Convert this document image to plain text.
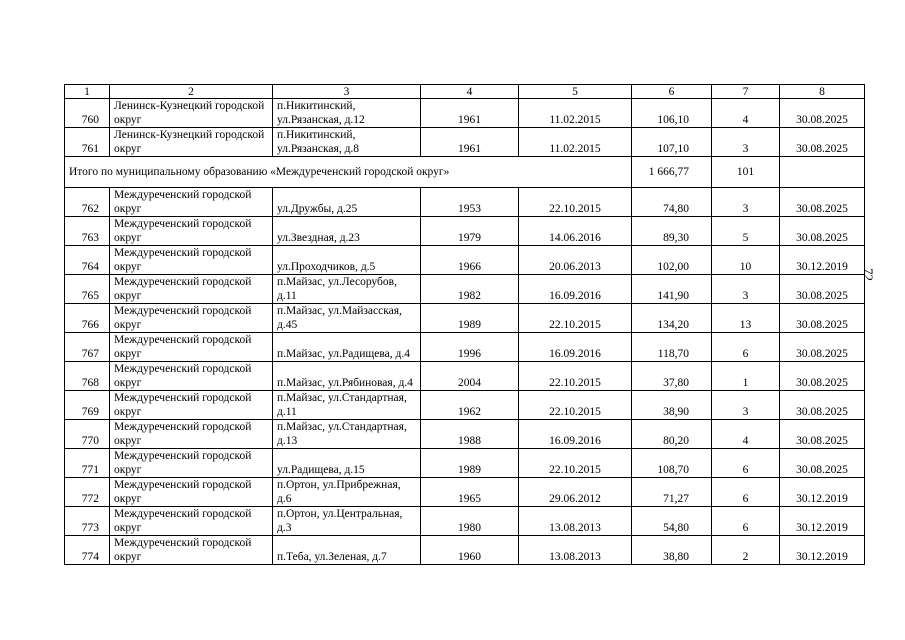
1	2	3	4	5	6	7	8
760	Ленинск-Кузнецкий городской округ	п.Никитинский, ул.Рязанская, д.12	1961	11.02.2015	106,10	4	30.08.2025
761	Ленинск-Кузнецкий городской округ	п.Никитинский, ул.Рязанская, д.8	1961	11.02.2015	107,10	3	30.08.2025
Итого по муниципальному образованию «Междуреченский городской округ»					1 666,77	101	
762	Междуреченский городской округ	ул.Дружбы, д.25	1953	22.10.2015	74,80	3	30.08.2025
763	Междуреченский городской округ	ул.Звездная, д.23	1979	14.06.2016	89,30	5	30.08.2025
764	Междуреченский городской округ	ул.Проходчиков, д.5	1966	20.06.2013	102,00	10	30.12.2019
765	Междуреченский городской округ	п.Майзас, ул.Лесорубов, д.11	1982	16.09.2016	141,90	3	30.08.2025
766	Междуреченский городской округ	п.Майзас, ул.Майзасская, д.45	1989	22.10.2015	134,20	13	30.08.2025
767	Междуреченский городской округ	п.Майзас, ул.Радищева, д.4	1996	16.09.2016	118,70	6	30.08.2025
768	Междуреченский городской округ	п.Майзас, ул.Рябиновая, д.4	2004	22.10.2015	37,80	1	30.08.2025
769	Междуреченский городской округ	п.Майзас, ул.Стандартная, д.11	1962	22.10.2015	38,90	3	30.08.2025
770	Междуреченский городской округ	п.Майзас, ул.Стандартная, д.13	1988	16.09.2016	80,20	4	30.08.2025
771	Междуреченский городской округ	ул.Радищева, д.15	1989	22.10.2015	108,70	6	30.08.2025
772	Междуреченский городской округ	п.Ортон, ул.Прибрежная, д.6	1965	29.06.2012	71,27	6	30.12.2019
773	Междуреченский городской округ	п.Ортон, ул.Центральная, д.3	1980	13.08.2013	54,80	6	30.12.2019
774	Междуреченский городской округ	п.Теба, ул.Зеленая, д.7	1960	13.08.2013	38,80	2	30.12.2019
72
